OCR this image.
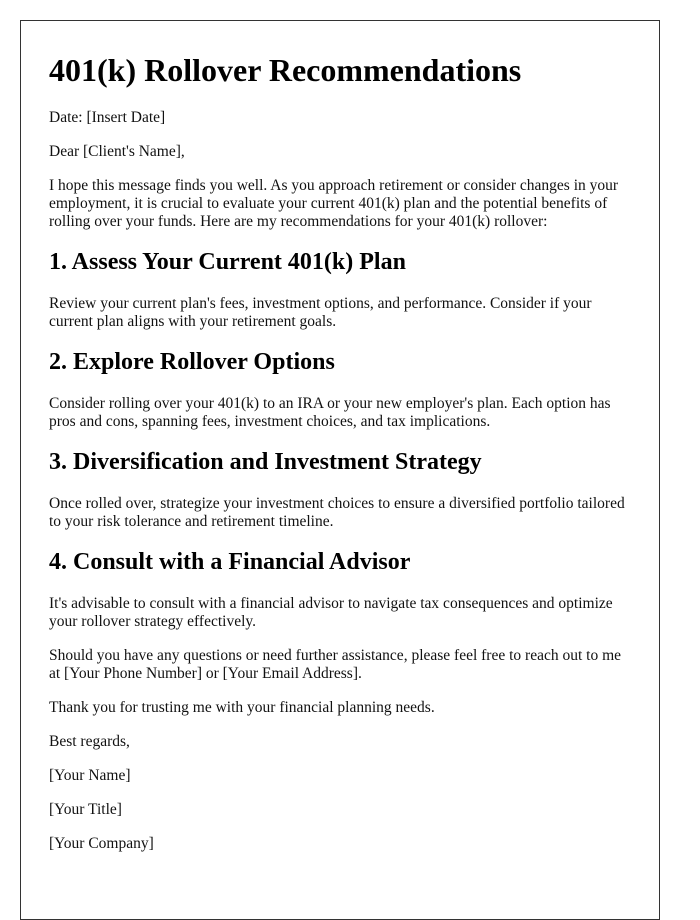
401(k) Rollover Recommendations

Date: [Insert Date]

Dear [Client's Name],

I hope this message finds you well. As you approach retirement or consider changes in your employment, it is crucial to evaluate your current 401(k) plan and the potential benefits of rolling over your funds. Here are my recommendations for your 401(k) rollover:

1. Assess Your Current 401(k) Plan

Review your current plan's fees, investment options, and performance. Consider if your current plan aligns with your retirement goals.

2. Explore Rollover Options

Consider rolling over your 401(k) to an IRA or your new employer's plan. Each option has pros and cons, spanning fees, investment choices, and tax implications.

3. Diversification and Investment Strategy

Once rolled over, strategize your investment choices to ensure a diversified portfolio tailored to your risk tolerance and retirement timeline.

4. Consult with a Financial Advisor

It's advisable to consult with a financial advisor to navigate tax consequences and optimize your rollover strategy effectively.

Should you have any questions or need further assistance, please feel free to reach out to me at [Your Phone Number] or [Your Email Address].

Thank you for trusting me with your financial planning needs.

Best regards,

[Your Name]

[Your Title]

[Your Company]
